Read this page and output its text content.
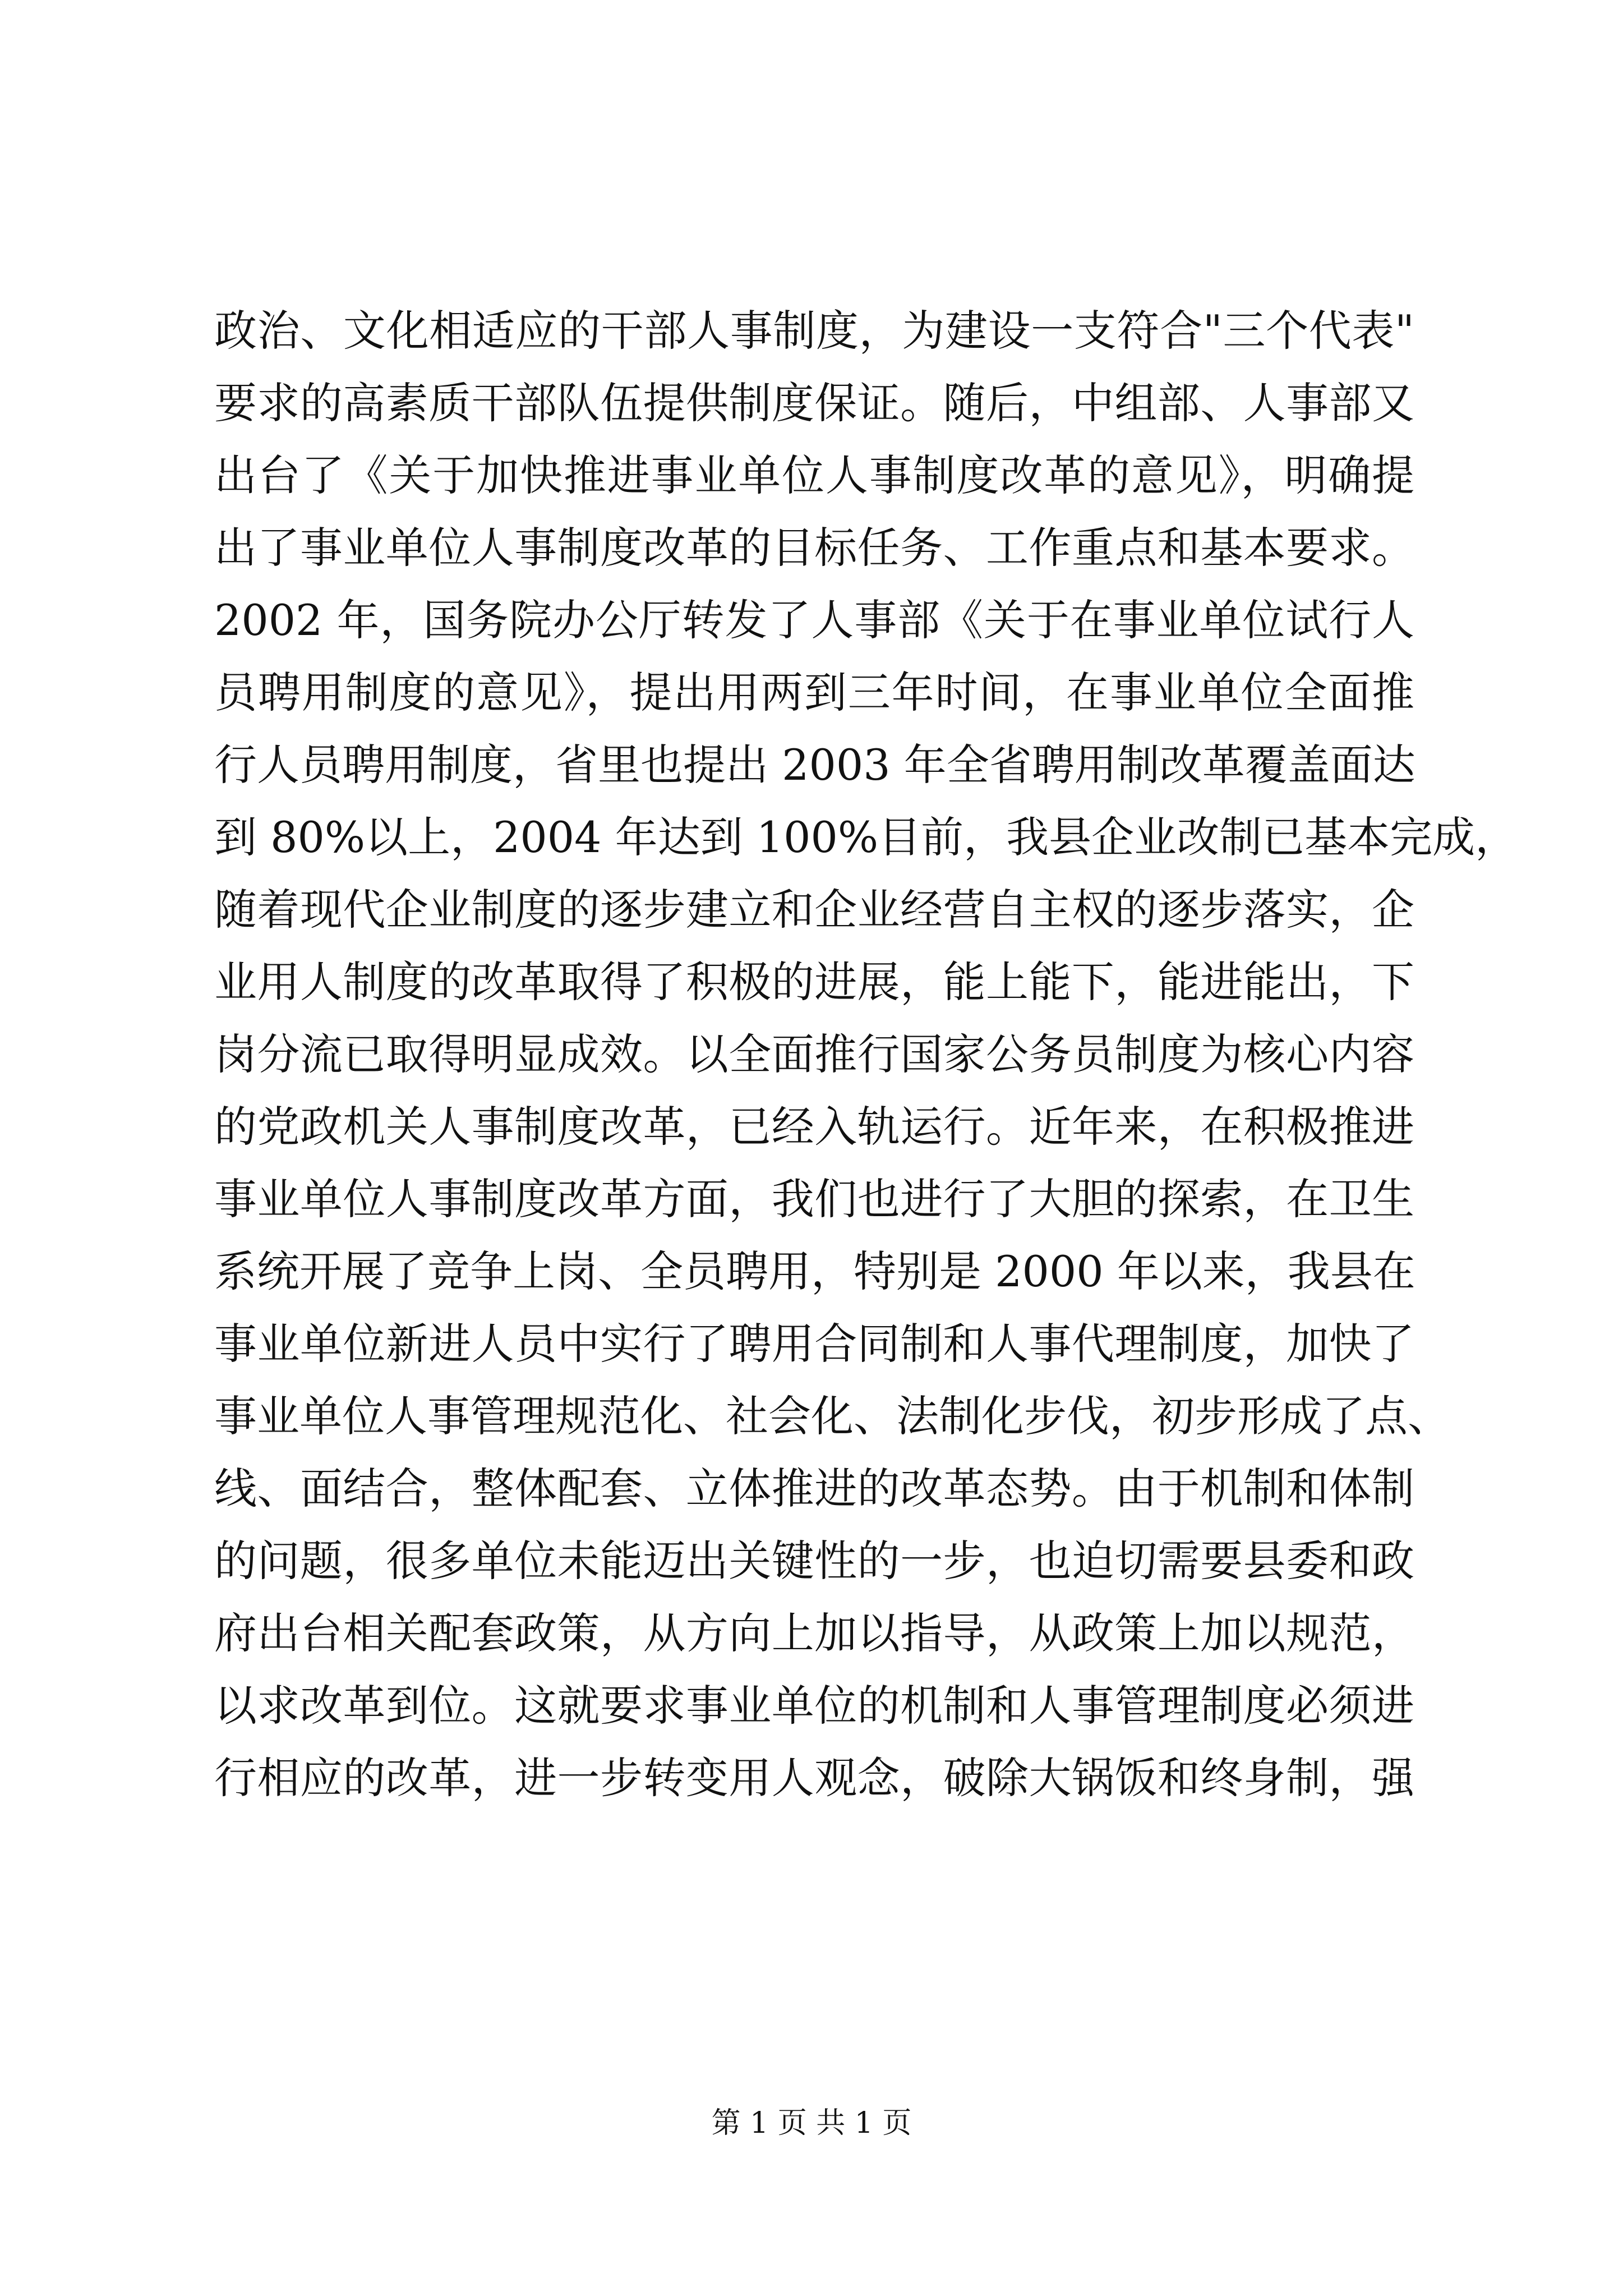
政治、文化相适应的干部人事制度，为建设一支符合"三个代表"
要求的高素质干部队伍提供制度保证。随后，中组部、人事部又
出台了《关于加快推进事业单位人事制度改革的意见》，明确提
出了事业单位人事制度改革的目标任务、工作重点和基本要求。
2002 年，国务院办公厅转发了人事部《关于在事业单位试行人
员聘用制度的意见》，提出用两到三年时间，在事业单位全面推
行人员聘用制度，省里也提出 2003 年全省聘用制改革覆盖面达
到 80%以上，2004 年达到 100%目前，我县企业改制已基本完成，
随着现代企业制度的逐步建立和企业经营自主权的逐步落实，企
业用人制度的改革取得了积极的进展，能上能下，能进能出，下
岗分流已取得明显成效。以全面推行国家公务员制度为核心内容
的党政机关人事制度改革，已经入轨运行。近年来，在积极推进
事业单位人事制度改革方面，我们也进行了大胆的探索，在卫生
系统开展了竞争上岗、全员聘用，特别是 2000 年以来，我县在
事业单位新进人员中实行了聘用合同制和人事代理制度，加快了
事业单位人事管理规范化、社会化、法制化步伐，初步形成了点、
线、面结合，整体配套、立体推进的改革态势。由于机制和体制
的问题，很多单位未能迈出关键性的一步，也迫切需要县委和政
府出台相关配套政策，从方向上加以指导，从政策上加以规范，
以求改革到位。这就要求事业单位的机制和人事管理制度必须进
行相应的改革，进一步转变用人观念，破除大锅饭和终身制，强
第 1 页 共 1 页
